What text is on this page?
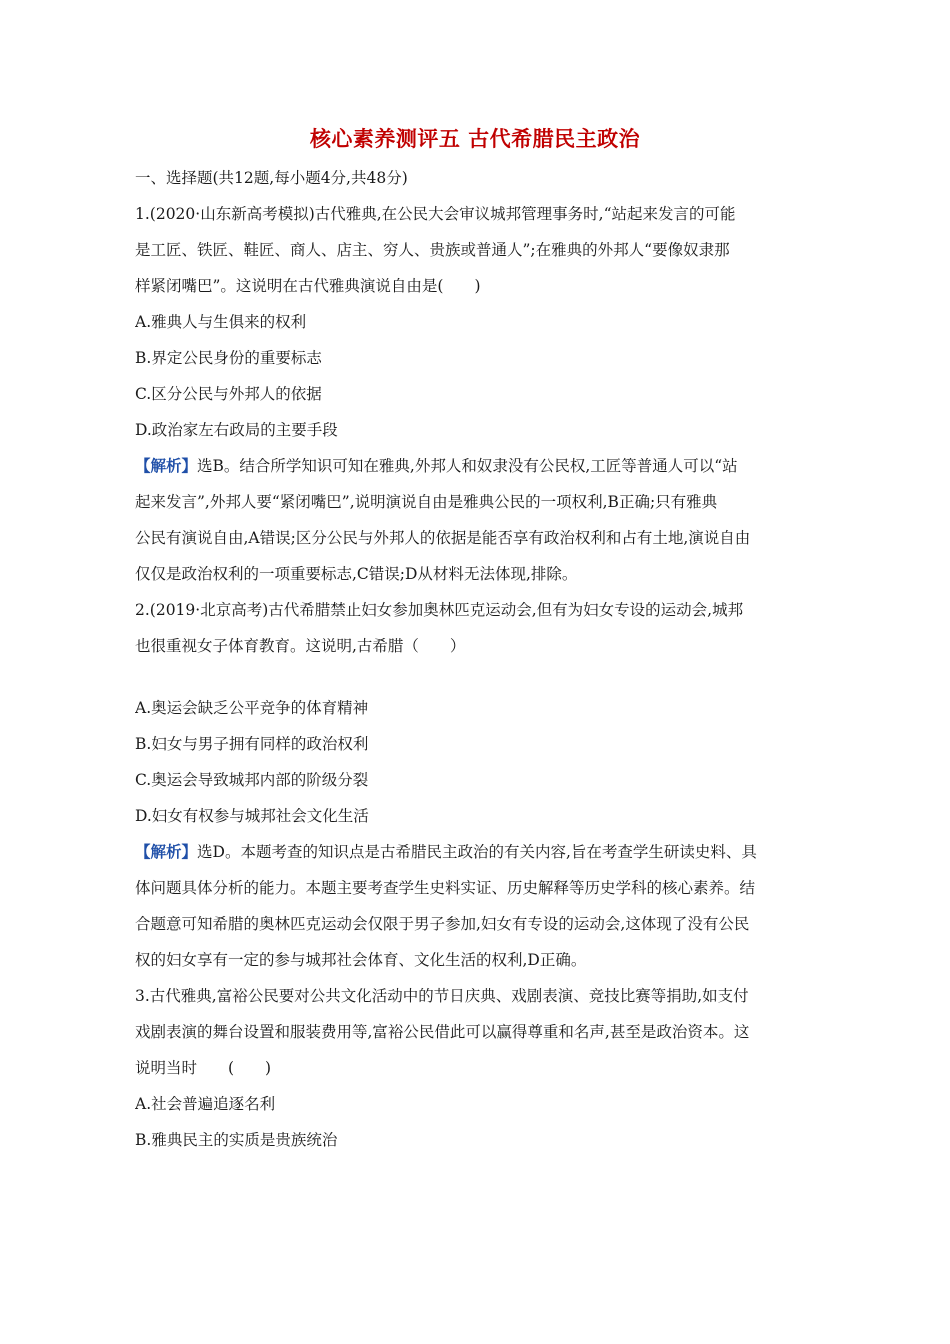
核心素养测评五 古代希腊民主政治
一、选择题(共12题,每小题4分,共48分)
1.(2020·山东新高考模拟)古代雅典,在公民大会审议城邦管理事务时,“站起来发言的可能
是工匠、铁匠、鞋匠、商人、店主、穷人、贵族或普通人”;在雅典的外邦人“要像奴隶那
样紧闭嘴巴”。这说明在古代雅典演说自由是(　　)
A.雅典人与生俱来的权利
B.界定公民身份的重要标志
C.区分公民与外邦人的依据
D.政治家左右政局的主要手段
【解析】选B。结合所学知识可知在雅典,外邦人和奴隶没有公民权,工匠等普通人可以“站
起来发言”,外邦人要“紧闭嘴巴”,说明演说自由是雅典公民的一项权利,B正确;只有雅典
公民有演说自由,A错误;区分公民与外邦人的依据是能否享有政治权利和占有土地,演说自由
仅仅是政治权利的一项重要标志,C错误;D从材料无法体现,排除。
2.(2019·北京高考)古代希腊禁止妇女参加奥林匹克运动会,但有为妇女专设的运动会,城邦
也很重视女子体育教育。这说明,古希腊（　　）
A.奥运会缺乏公平竞争的体育精神
B.妇女与男子拥有同样的政治权利
C.奥运会导致城邦内部的阶级分裂
D.妇女有权参与城邦社会文化生活
【解析】选D。本题考查的知识点是古希腊民主政治的有关内容,旨在考查学生研读史料、具
体问题具体分析的能力。本题主要考查学生史料实证、历史解释等历史学科的核心素养。结
合题意可知希腊的奥林匹克运动会仅限于男子参加,妇女有专设的运动会,这体现了没有公民
权的妇女享有一定的参与城邦社会体育、文化生活的权利,D正确。
3.古代雅典,富裕公民要对公共文化活动中的节日庆典、戏剧表演、竞技比赛等捐助,如支付
戏剧表演的舞台设置和服装费用等,富裕公民借此可以赢得尊重和名声,甚至是政治资本。这
说明当时　　(　　)
A.社会普遍追逐名利
B.雅典民主的实质是贵族统治
